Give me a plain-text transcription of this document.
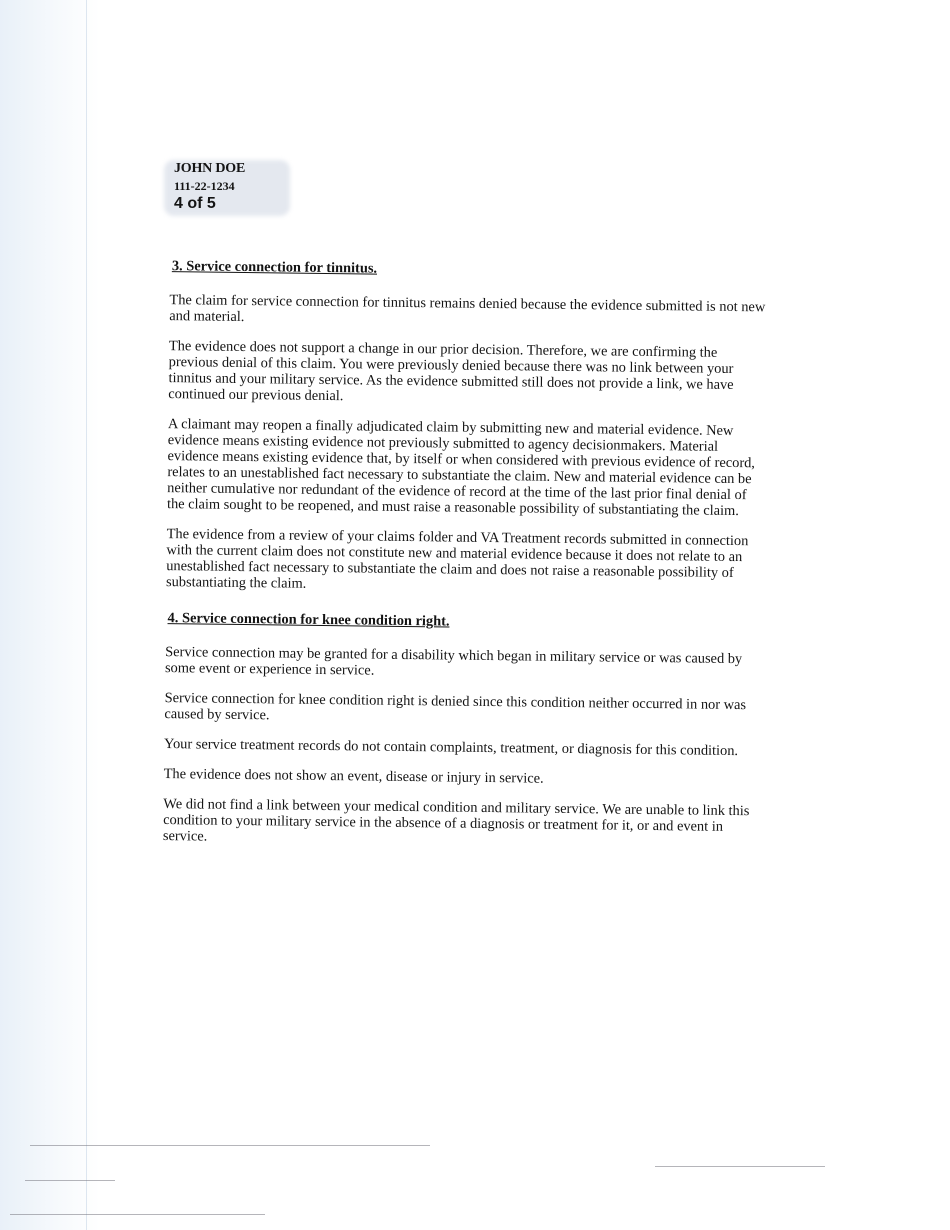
JOHN DOE
111-22-1234
4 of 5
3. Service connection for tinnitus.

The claim for service connection for tinnitus remains denied because the evidence submitted is not new and material.

The evidence does not support a change in our prior decision. Therefore, we are confirming the previous denial of this claim. You were previously denied because there was no link between your tinnitus and your military service. As the evidence submitted still does not provide a link, we have continued our previous denial.

A claimant may reopen a finally adjudicated claim by submitting new and material evidence. New evidence means existing evidence not previously submitted to agency decisionmakers. Material evidence means existing evidence that, by itself or when considered with previous evidence of record, relates to an unestablished fact necessary to substantiate the claim. New and material evidence can be neither cumulative nor redundant of the evidence of record at the time of the last prior final denial of the claim sought to be reopened, and must raise a reasonable possibility of substantiating the claim.

The evidence from a review of your claims folder and VA Treatment records submitted in connection with the current claim does not constitute new and material evidence because it does not relate to an unestablished fact necessary to substantiate the claim and does not raise a reasonable possibility of substantiating the claim.

4. Service connection for knee condition right.

Service connection may be granted for a disability which began in military service or was caused by some event or experience in service.

Service connection for knee condition right is denied since this condition neither occurred in nor was caused by service.

Your service treatment records do not contain complaints, treatment, or diagnosis for this condition.

The evidence does not show an event, disease or injury in service.

We did not find a link between your medical condition and military service. We are unable to link this condition to your military service in the absence of a diagnosis or treatment for it, or and event in service.
